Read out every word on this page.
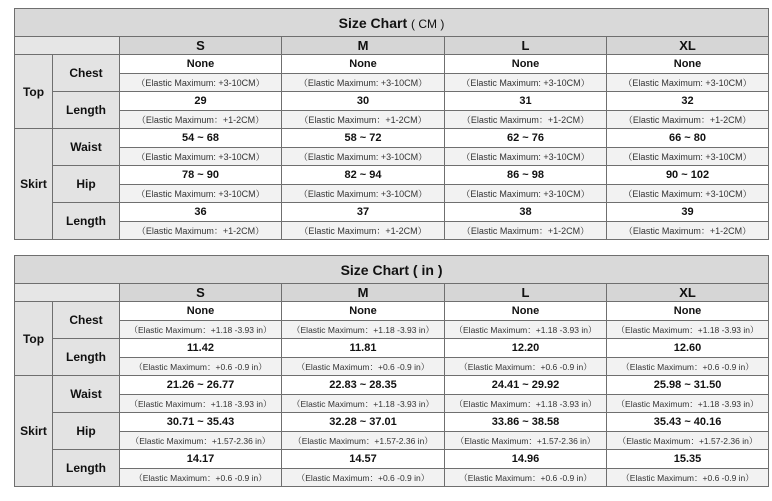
Size Chart ( CM )					
		S	M	L	XL
Top	Chest	None	None	None	None
		（Elastic Maximum: +3-10CM）	（Elastic Maximum: +3-10CM）	（Elastic Maximum: +3-10CM）	（Elastic Maximum: +3-10CM）
	Length	29	30	31	32
		（Elastic Maximum：+1-2CM）	（Elastic Maximum：+1-2CM）	（Elastic Maximum：+1-2CM）	（Elastic Maximum：+1-2CM）
Skirt	Waist	54 ~ 68	58 ~ 72	62 ~ 76	66 ~ 80
		（Elastic Maximum: +3-10CM）	（Elastic Maximum: +3-10CM）	（Elastic Maximum: +3-10CM）	（Elastic Maximum: +3-10CM）
	Hip	78 ~ 90	82 ~ 94	86 ~ 98	90 ~ 102
		（Elastic Maximum: +3-10CM）	（Elastic Maximum: +3-10CM）	（Elastic Maximum: +3-10CM）	（Elastic Maximum: +3-10CM）
	Length	36	37	38	39
		（Elastic Maximum：+1-2CM）	（Elastic Maximum：+1-2CM）	（Elastic Maximum：+1-2CM）	（Elastic Maximum：+1-2CM）
Size Chart ( in )					
		S	M	L	XL
Top	Chest	None	None	None	None
		（Elastic Maximum：+1.18 -3.93 in）	（Elastic Maximum：+1.18 -3.93 in）	（Elastic Maximum：+1.18 -3.93 in）	（Elastic Maximum：+1.18 -3.93 in）
	Length	11.42	11.81	12.20	12.60
		（Elastic Maximum：+0.6 -0.9 in）	（Elastic Maximum：+0.6 -0.9 in）	（Elastic Maximum：+0.6 -0.9 in）	（Elastic Maximum：+0.6 -0.9 in）
Skirt	Waist	21.26 ~ 26.77	22.83 ~ 28.35	24.41 ~ 29.92	25.98 ~ 31.50
		（Elastic Maximum：+1.18 -3.93 in）	（Elastic Maximum：+1.18 -3.93 in）	（Elastic Maximum：+1.18 -3.93 in）	（Elastic Maximum：+1.18 -3.93 in）
	Hip	30.71 ~ 35.43	32.28 ~ 37.01	33.86 ~ 38.58	35.43 ~ 40.16
		（Elastic Maximum：+1.57-2.36 in）	（Elastic Maximum：+1.57-2.36 in）	（Elastic Maximum：+1.57-2.36 in）	（Elastic Maximum：+1.57-2.36 in）
	Length	14.17	14.57	14.96	15.35
		（Elastic Maximum：+0.6 -0.9 in）	（Elastic Maximum：+0.6 -0.9 in）	（Elastic Maximum：+0.6 -0.9 in）	（Elastic Maximum：+0.6 -0.9 in）
